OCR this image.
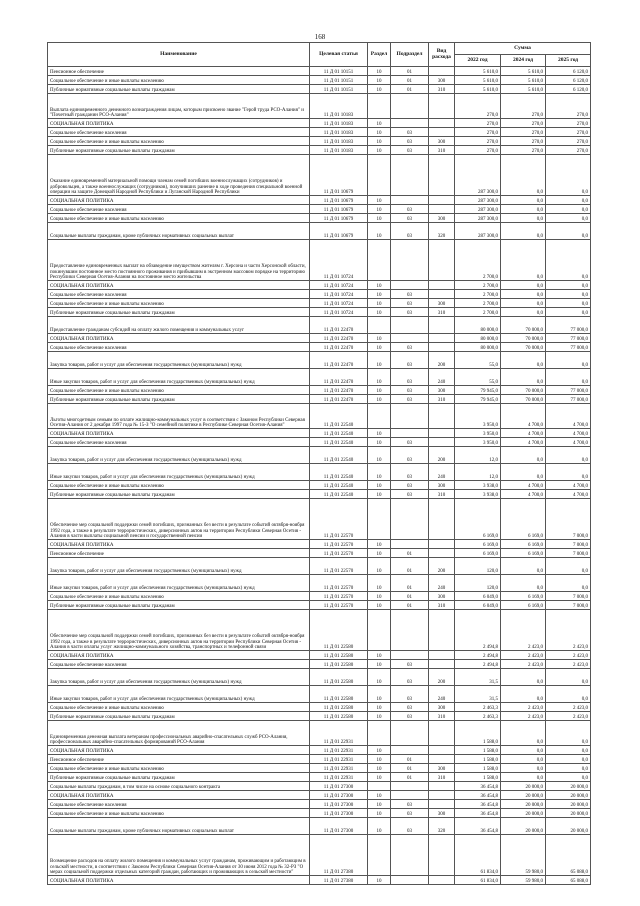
168
Наименование	Целевая статья	Раздел	Подраздел	Вид расхода	Сумма		
					2022 год	2024 год	2025 год
Пенсионное обеспечение	11 Д 01 10151	10	01		5 610,0	5 610,0	6 120,0
Социальное обеспечение и иные выплаты населению	11 Д 01 10151	10	01	300	5 610,0	5 610,0	6 120,0
Публичные нормативные социальные выплаты гражданам	11 Д 01 10151	10	01	310	5 610,0	5 610,0	6 120,0
Выплата единовременного денежного вознаграждения лицам, которым присвоено звание "Герой труда РСО-Алания" и "Почетный гражданин РСО-Алания"	11 Д 01 10183				270,0	270,0	270,0
СОЦИАЛЬНАЯ ПОЛИТИКА	11 Д 01 10183	10			270,0	270,0	270,0
Социальное обеспечение населения	11 Д 01 10183	10	03		270,0	270,0	270,0
Социальное обеспечение и иные выплаты населению	11 Д 01 10183	10	03	300	270,0	270,0	270,0
Публичные нормативные социальные выплаты гражданам	11 Д 01 10183	10	03	310	270,0	270,0	270,0
Оказание единовременной материальной помощи членам семей погибших военнослужащих (сотрудников) и добровольцев, а также военнослужащих (сотрудников), получивших ранение в ходе проведения специальной военной операции на защите Донецкой Народной Республики и Луганской Народной Республики	11 Д 01 10679				287 300,0	0,0	0,0
СОЦИАЛЬНАЯ ПОЛИТИКА	11 Д 01 10679	10			287 300,0	0,0	0,0
Социальное обеспечение населения	11 Д 01 10679	10	03		287 300,0	0,0	0,0
Социальное обеспечение и иные выплаты населению	11 Д 01 10679	10	03	300	287 300,0	0,0	0,0
Социальные выплаты гражданам, кроме публичных нормативных социальных выплат	11 Д 01 10679	10	03	320	287 300,0	0,0	0,0
Предоставление единовременных выплат на обзаведение имуществом жителям г. Херсона и части Херсонской области, покинувшим постоянное место постоянного проживания и прибывшим в экстренном массовом порядке на территорию Республики Северная Осетия-Алания на постоянное место жительства	11 Д 01 10724				2 700,0	0,0	0,0
СОЦИАЛЬНАЯ ПОЛИТИКА	11 Д 01 10724	10			2 700,0	0,0	0,0
Социальное обеспечение населения	11 Д 01 10724	10	03		2 700,0	0,0	0,0
Социальное обеспечение и иные выплаты населению	11 Д 01 10724	10	03	300	2 700,0	0,0	0,0
Публичные нормативные социальные выплаты гражданам	11 Д 01 10724	10	03	310	2 700,0	0,0	0,0
Предоставление гражданам субсидий на оплату жилого помещения и коммунальных услуг	11 Д 01 22470				80 000,0	70 000,0	77 000,0
СОЦИАЛЬНАЯ ПОЛИТИКА	11 Д 01 22470	10			80 000,0	70 000,0	77 000,0
Социальное обеспечение населения	11 Д 01 22470	10	03		80 000,0	70 000,0	77 000,0
Закупка товаров, работ и услуг для обеспечения государственных (муниципальных) нужд	11 Д 01 22470	10	03	200	55,0	0,0	0,0
Иные закупки товаров, работ и услуг для обеспечения государственных (муниципальных) нужд	11 Д 01 22470	10	03	240	55,0	0,0	0,0
Социальное обеспечение и иные выплаты населению	11 Д 01 22470	10	03	300	79 945,0	70 000,0	77 000,0
Публичные нормативные социальные выплаты гражданам	11 Д 01 22470	10	03	310	79 945,0	70 000,0	77 000,0
Льготы многодетным семьям по оплате жилищно-коммунальных услуг в соответствии с Законом Республики Северная Осетия-Алания от 2 декабря 1997 года № 15-З "О семейной политике в Республике Северная Осетия-Алания"	11 Д 01 22540				3 950,0	4 700,0	4 700,0
СОЦИАЛЬНАЯ ПОЛИТИКА	11 Д 01 22540	10			3 950,0	4 700,0	4 700,0
Социальное обеспечение населения	11 Д 01 22540	10	03		3 950,0	4 700,0	4 700,0
Закупка товаров, работ и услуг для обеспечения государственных (муниципальных) нужд	11 Д 01 22540	10	03	200	12,0	0,0	0,0
Иные закупки товаров, работ и услуг для обеспечения государственных (муниципальных) нужд	11 Д 01 22540	10	03	240	12,0	0,0	0,0
Социальное обеспечение и иные выплаты населению	11 Д 01 22540	10	03	300	3 938,0	4 700,0	4 700,0
Публичные нормативные социальные выплаты гражданам	11 Д 01 22540	10	03	310	3 938,0	4 700,0	4 700,0
Обеспечение мер социальной поддержки семей погибших, признанных без вести в результате событий октября-ноября 1992 года, а также в результате террористических, диверсионных актов на территории Республики Северная Осетия - Алания в части выплаты социальной пенсии и государственной пенсии	11 Д 01 22570				6 169,0	6 169,0	7 000,0
СОЦИАЛЬНАЯ ПОЛИТИКА	11 Д 01 22570	10			6 169,0	6 169,0	7 000,0
Пенсионное обеспечение	11 Д 01 22570	10	01		6 169,0	6 169,0	7 000,0
Закупка товаров, работ и услуг для обеспечения государственных (муниципальных) нужд	11 Д 01 22570	10	01	200	120,0	0,0	0,0
Иные закупки товаров, работ и услуг для обеспечения государственных (муниципальных) нужд	11 Д 01 22570	10	01	240	120,0	0,0	0,0
Социальное обеспечение и иные выплаты населению	11 Д 01 22570	10	01	300	6 049,0	6 169,0	7 000,0
Публичные нормативные социальные выплаты гражданам	11 Д 01 22570	10	01	310	6 049,0	6 169,0	7 000,0
Обеспечение мер социальной поддержки семей погибших, признанных без вести в результате событий октября-ноября 1992 года, а также в результате террористических, диверсионных актов на территории Республики Северная Осетия - Алания в части оплаты услуг жилищно-коммунального хозяйства, транспортных и телефонной связи	11 Д 01 22580				2 494,8	2 423,0	2 423,0
СОЦИАЛЬНАЯ ПОЛИТИКА	11 Д 01 22580	10			2 494,8	2 423,0	2 423,0
Социальное обеспечение населения	11 Д 01 22580	10	03		2 494,8	2 423,0	2 423,0
Закупка товаров, работ и услуг для обеспечения государственных (муниципальных) нужд	11 Д 01 22580	10	03	200	31,5	0,0	0,0
Иные закупки товаров, работ и услуг для обеспечения государственных (муниципальных) нужд	11 Д 01 22580	10	03	240	31,5	0,0	0,0
Социальное обеспечение и иные выплаты населению	11 Д 01 22580	10	03	300	2 463,3	2 423,0	2 423,0
Публичные нормативные социальные выплаты гражданам	11 Д 01 22580	10	03	310	2 463,3	2 423,0	2 423,0
Единовременная денежная выплата ветеранам профессиональных аварийно-спасательных служб РСО-Алания, профессиональных аварийно-спасательных формирований РСО-Алания	11 Д 01 22931				1 588,0	0,0	0,0
СОЦИАЛЬНАЯ ПОЛИТИКА	11 Д 01 22931	10			1 588,0	0,0	0,0
Пенсионное обеспечение	11 Д 01 22931	10	01		1 588,0	0,0	0,0
Социальное обеспечение и иные выплаты населению	11 Д 01 22931	10	01	300	1 588,0	0,0	0,0
Публичные нормативные социальные выплаты гражданам	11 Д 01 22931	10	01	310	1 588,0	0,0	0,0
Социальные выплаты гражданам, в том числе на основе социального контракта	11 Д 01 27300				36 454,8	20 000,0	20 000,0
СОЦИАЛЬНАЯ ПОЛИТИКА	11 Д 01 27300	10			36 454,8	20 000,0	20 000,0
Социальное обеспечение населения	11 Д 01 27300	10	03		36 454,8	20 000,0	20 000,0
Социальное обеспечение и иные выплаты населению	11 Д 01 27300	10	03	300	36 454,8	20 000,0	20 000,0
Социальные выплаты гражданам, кроме публичных нормативных социальных выплат	11 Д 01 27300	10	03	320	36 454,8	20 000,0	20 000,0
Возмещение расходов на оплату жилого помещения и коммунальных услуг гражданам, проживающим и работающим в сельской местности, в соответствии с Законом Республики Северная Осетия-Алания от 30 июня 2012 года № 32-РЗ "О мерах социальной поддержки отдельных категорий граждан, работающих и проживающих в сельской местности"	11 Д 01 27380				61 834,0	59 980,0	65 088,0
СОЦИАЛЬНАЯ ПОЛИТИКА	11 Д 01 27380	10			61 834,0	59 980,0	65 088,0
